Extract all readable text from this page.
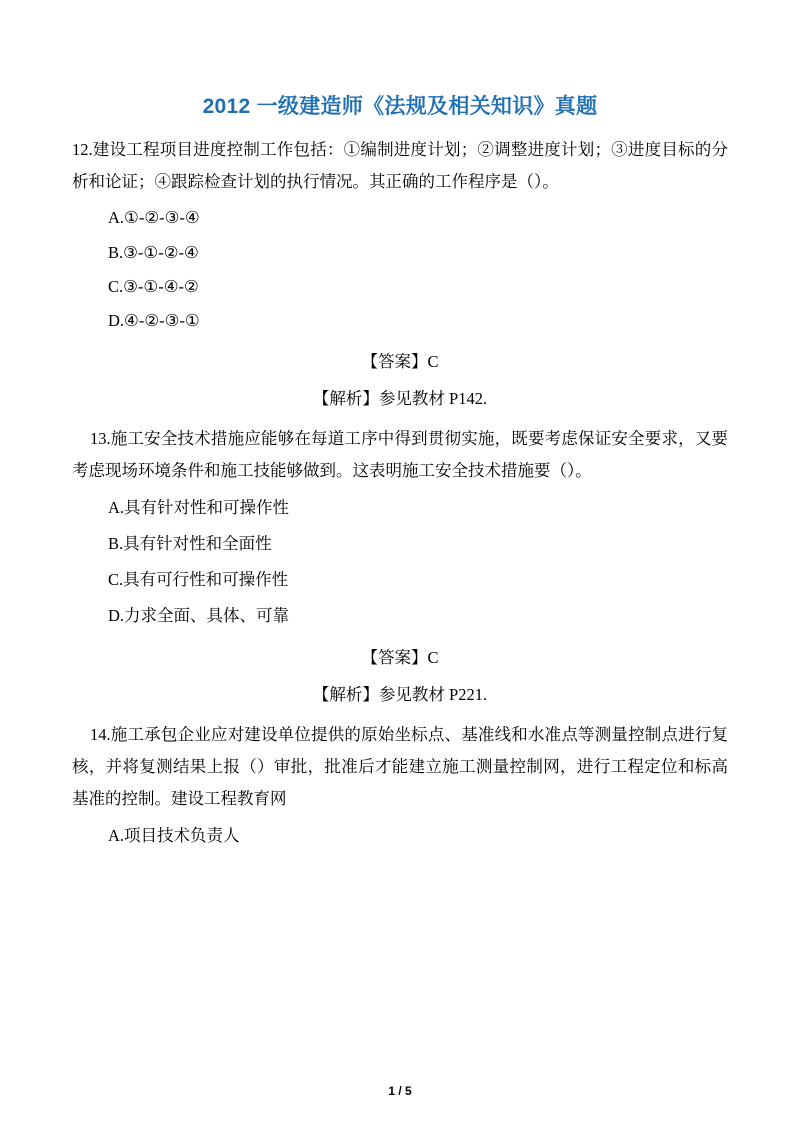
2012 一级建造师《法规及相关知识》真题
12.建设工程项目进度控制工作包括：①编制进度计划；②调整进度计划；③进度目标的分析和论证；④跟踪检查计划的执行情况。其正确的工作程序是（）。
A.①-②-③-④
B.③-①-②-④
C.③-①-④-②
D.④-②-③-①
【答案】C
【解析】参见教材 P142.
13.施工安全技术措施应能够在每道工序中得到贯彻实施，既要考虑保证安全要求，又要考虑现场环境条件和施工技能够做到。这表明施工安全技术措施要（）。
A.具有针对性和可操作性
B.具有针对性和全面性
C.具有可行性和可操作性
D.力求全面、具体、可靠
【答案】C
【解析】参见教材 P221.
14.施工承包企业应对建设单位提供的原始坐标点、基准线和水准点等测量控制点进行复核，并将复测结果上报（）审批，批准后才能建立施工测量控制网，进行工程定位和标高基准的控制。建设工程教育网
A.项目技术负责人
1 / 5
